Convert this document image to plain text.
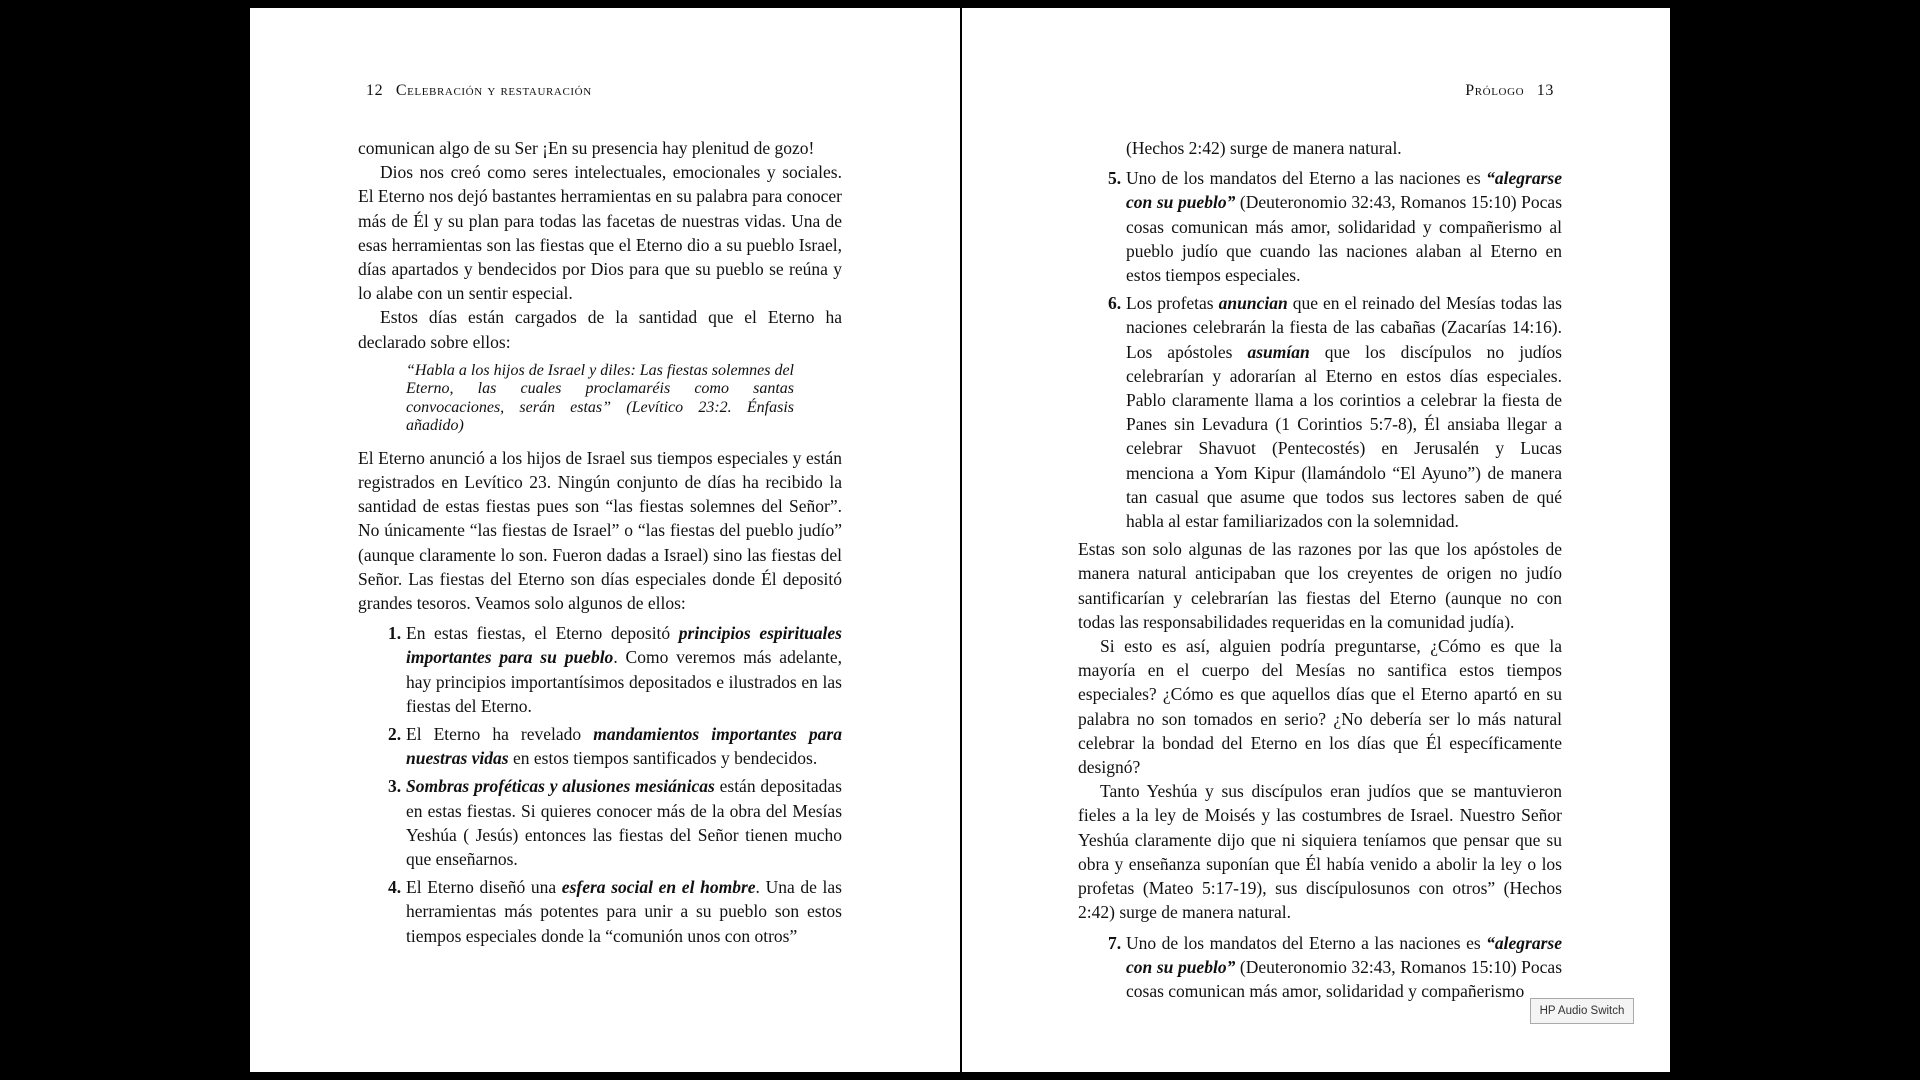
12 Celebración y restauración

comunican algo de su Ser ¡En su presencia hay plenitud de gozo!

Dios nos creó como seres intelectuales, emocionales y sociales. El Eterno nos dejó bastantes herramientas en su palabra para conocer más de Él y su plan para todas las facetas de nuestras vidas. Una de esas herramientas son las fiestas que el Eterno dio a su pueblo Israel, días apartados y bendecidos por Dios para que su pueblo se reúna y lo alabe con un sentir especial.

Estos días están cargados de la santidad que el Eterno ha declarado sobre ellos:

“Habla a los hijos de Israel y diles: Las fiestas solemnes del Eterno, las cuales proclamaréis como santas convocaciones, serán estas” (Levítico 23:2. Énfasis añadido)

El Eterno anunció a los hijos de Israel sus tiempos especiales y están registrados en Levítico 23. Ningún conjunto de días ha recibido la santidad de estas fiestas pues son “las fiestas solemnes del Señor”. No únicamente “las fiestas de Israel” o “las fiestas del pueblo judío” (aunque claramente lo son. Fueron dadas a Israel) sino las fiestas del Señor. Las fiestas del Eterno son días especiales donde Él depositó grandes tesoros. Veamos solo algunos de ellos:

1. En estas fiestas, el Eterno depositó principios espirituales importantes para su pueblo. Como veremos más adelante, hay principios importantísimos depositados e ilustrados en las fiestas del Eterno.
2. El Eterno ha revelado mandamientos importantes para nuestras vidas en estos tiempos santificados y bendecidos.
3. Sombras proféticas y alusiones mesiánicas están depositadas en estas fiestas. Si quieres conocer más de la obra del Mesías Yeshúa ( Jesús) entonces las fiestas del Señor tienen mucho que enseñarnos.
4. El Eterno diseñó una esfera social en el hombre. Una de las herramientas más potentes para unir a su pueblo son estos tiempos especiales donde la “comunión unos con otros”
Prólogo 13

(Hechos 2:42) surge de manera natural.

5. Uno de los mandatos del Eterno a las naciones es “alegrarse con su pueblo” (Deuteronomio 32:43, Romanos 15:10) Pocas cosas comunican más amor, solidaridad y compañerismo al pueblo judío que cuando las naciones alaban al Eterno en estos tiempos especiales.
6. Los profetas anuncian que en el reinado del Mesías todas las naciones celebrarán la fiesta de las cabañas (Zacarías 14:16). Los apóstoles asumían que los discípulos no judíos celebrarían y adorarían al Eterno en estos días especiales. Pablo claramente llama a los corintios a celebrar la fiesta de Panes sin Levadura (1 Corintios 5:7-8), Él ansiaba llegar a celebrar Shavuot (Pentecostés) en Jerusalén y Lucas menciona a Yom Kipur (llamándolo “El Ayuno”) de manera tan casual que asume que todos sus lectores saben de qué habla al estar familiarizados con la solemnidad.

Estas son solo algunas de las razones por las que los apóstoles de manera natural anticipaban que los creyentes de origen no judío santificarían y celebrarían las fiestas del Eterno (aunque no con todas las responsabilidades requeridas en la comunidad judía).

Si esto es así, alguien podría preguntarse, ¿Cómo es que la mayoría en el cuerpo del Mesías no santifica estos tiempos especiales? ¿Cómo es que aquellos días que el Eterno apartó en su palabra no son tomados en serio? ¿No debería ser lo más natural celebrar la bondad del Eterno en los días que Él específicamente designó?

Tanto Yeshúa y sus discípulos eran judíos que se mantuvieron fieles a la ley de Moisés y las costumbres de Israel. Nuestro Señor Yeshúa claramente dijo que ni siquiera teníamos que pensar que su obra y enseñanza suponían que Él había venido a abolir la ley o los profetas (Mateo 5:17-19), sus discípulosunos con otros” (Hechos 2:42) surge de manera natural.

7. Uno de los mandatos del Eterno a las naciones es “alegrarse con su pueblo” (Deuteronomio 32:43, Romanos 15:10) Pocas cosas comunican más amor, solidaridad y compañerismo
HP Audio Switch
